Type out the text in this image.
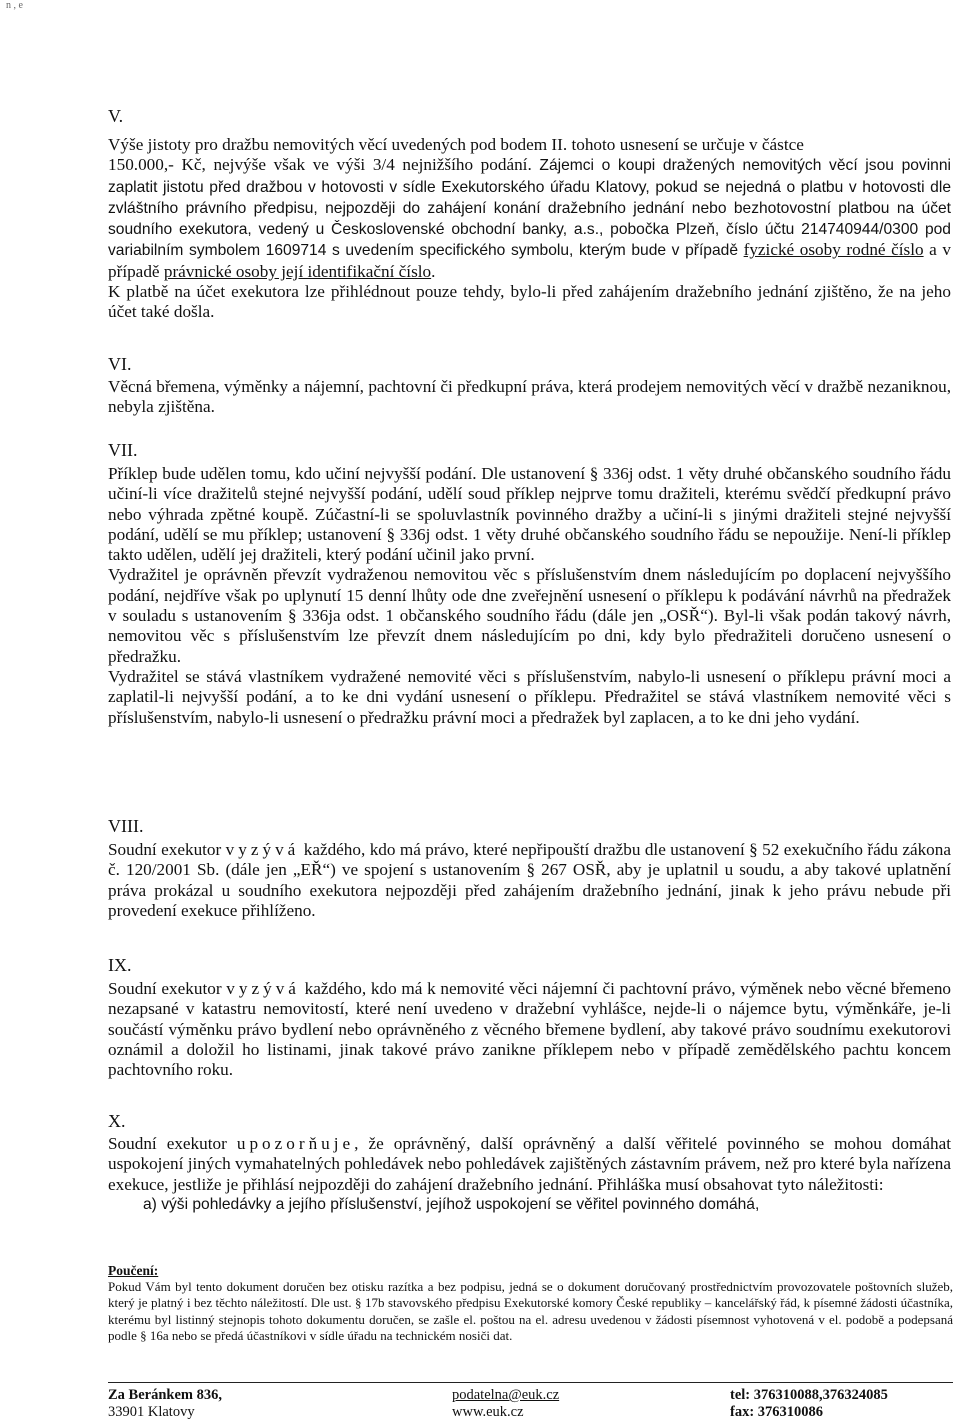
n , e
V.

Výše jistoty pro dražbu nemovitých věcí uvedených pod bodem II. tohoto usnesení se určuje v částce
150.000,- Kč, nejvýše však ve výši 3/4 nejnižšího podání. Zájemci o koupi dražených nemovitých věcí jsou povinni zaplatit jistotu před dražbou v hotovosti v sídle Exekutorského úřadu Klatovy, pokud se nejedná o platbu v hotovosti dle zvláštního právního předpisu, nejpozději do zahájení konání dražebního jednání nebo bezhotovostní platbou na účet soudního exekutora, vedený u Československé obchodní banky, a.s., pobočka Plzeň, číslo účtu 214740944/0300 pod variabilním symbolem 1609714 s uvedením specifického symbolu, kterým bude v případě fyzické osoby rodné číslo a v případě právnické osoby její identifikační číslo.

K platbě na účet exekutora lze přihlédnout pouze tehdy, bylo-li před zahájením dražebního jednání zjištěno, že na jeho účet také došla.

VI.

Věcná břemena, výměnky a nájemní, pachtovní či předkupní práva, která prodejem nemovitých věcí v dražbě nezaniknou, nebyla zjištěna.

VII.

Příklep bude udělen tomu, kdo učiní nejvyšší podání. Dle ustanovení § 336j odst. 1 věty druhé občanského soudního řádu učiní-li více dražitelů stejné nejvyšší podání, udělí soud příklep nejprve tomu dražiteli, kterému svědčí předkupní právo nebo výhrada zpětné koupě. Zúčastní-li se spoluvlastník povinného dražby a učiní-li s jinými dražiteli stejné nejvyšší podání, udělí se mu příklep; ustanovení § 336j odst. 1 věty druhé občanského soudního řádu se nepoužije. Není-li příklep takto udělen, udělí jej dražiteli, který podání učinil jako první.

Vydražitel je oprávněn převzít vydraženou nemovitou věc s příslušenstvím dnem následujícím po doplacení nejvyššího podání, nejdříve však po uplynutí 15 denní lhůty ode dne zveřejnění usnesení o příklepu k podávání návrhů na předražek v souladu s ustanovením § 336ja odst. 1 občanského soudního řádu (dále jen „OSŘ“). Byl-li však podán takový návrh, nemovitou věc s příslušenstvím lze převzít dnem následujícím po dni, kdy bylo předražiteli doručeno usnesení o předražku.

Vydražitel se stává vlastníkem vydražené nemovité věci s příslušenstvím, nabylo-li usnesení o příklepu právní moci a zaplatil-li nejvyšší podání, a to ke dni vydání usnesení o příklepu. Předražitel se stává vlastníkem nemovité věci s příslušenstvím, nabylo-li usnesení o předražku právní moci a předražek byl zaplacen, a to ke dni jeho vydání.

VIII.

Soudní exekutor vyzývá každého, kdo má právo, které nepřipouští dražbu dle ustanovení § 52 exekučního řádu zákona č. 120/2001 Sb. (dále jen „EŘ“) ve spojení s ustanovením § 267 OSŘ, aby je uplatnil u soudu, a aby takové uplatnění práva prokázal u soudního exekutora nejpozději před zahájením dražebního jednání, jinak k jeho právu nebude při provedení exekuce přihlíženo.

IX.

Soudní exekutor vyzývá každého, kdo má k nemovité věci nájemní či pachtovní právo, výměnek nebo věcné břemeno nezapsané v katastru nemovitostí, které není uvedeno v dražební vyhlášce, nejde-li o nájemce bytu, výměnkáře, je-li součástí výměnku právo bydlení nebo oprávněného z věcného břemene bydlení, aby takové právo soudnímu exekutorovi oznámil a doložil ho listinami, jinak takové právo zanikne příklepem nebo v případě zemědělského pachtu koncem pachtovního roku.

X.

Soudní exekutor upozorňuje, že oprávněný, další oprávněný a další věřitelé povinného se mohou domáhat uspokojení jiných vymahatelných pohledávek nebo pohledávek zajištěných zástavním právem, než pro které byla nařízena exekuce, jestliže je přihlásí nejpozději do zahájení dražebního jednání. Přihláška musí obsahovat tyto náležitosti:

a) výši pohledávky a jejího příslušenství, jejíhož uspokojení se věřitel povinného domáhá,

Poučení:
Pokud Vám byl tento dokument doručen bez otisku razítka a bez podpisu, jedná se o dokument doručovaný prostřednictvím provozovatele poštovních služeb, který je platný i bez těchto náležitostí. Dle ust. § 17b stavovského předpisu Exekutorské komory České republiky – kancelářský řád, k písemné žádosti účastníka, kterému byl listinný stejnopis tohoto dokumentu doručen, se zašle el. poštou na el. adresu uvedenou v žádosti písemnost vyhotovená v el. podobě a podepsaná podle § 16a nebo se předá účastníkovi v sídle úřadu na technickém nosiči dat.
Za Beránkem 836,
33901 Klatovy
podatelna@euk.cz
www.euk.cz
tel: 376310088,376324085
fax: 376310086
